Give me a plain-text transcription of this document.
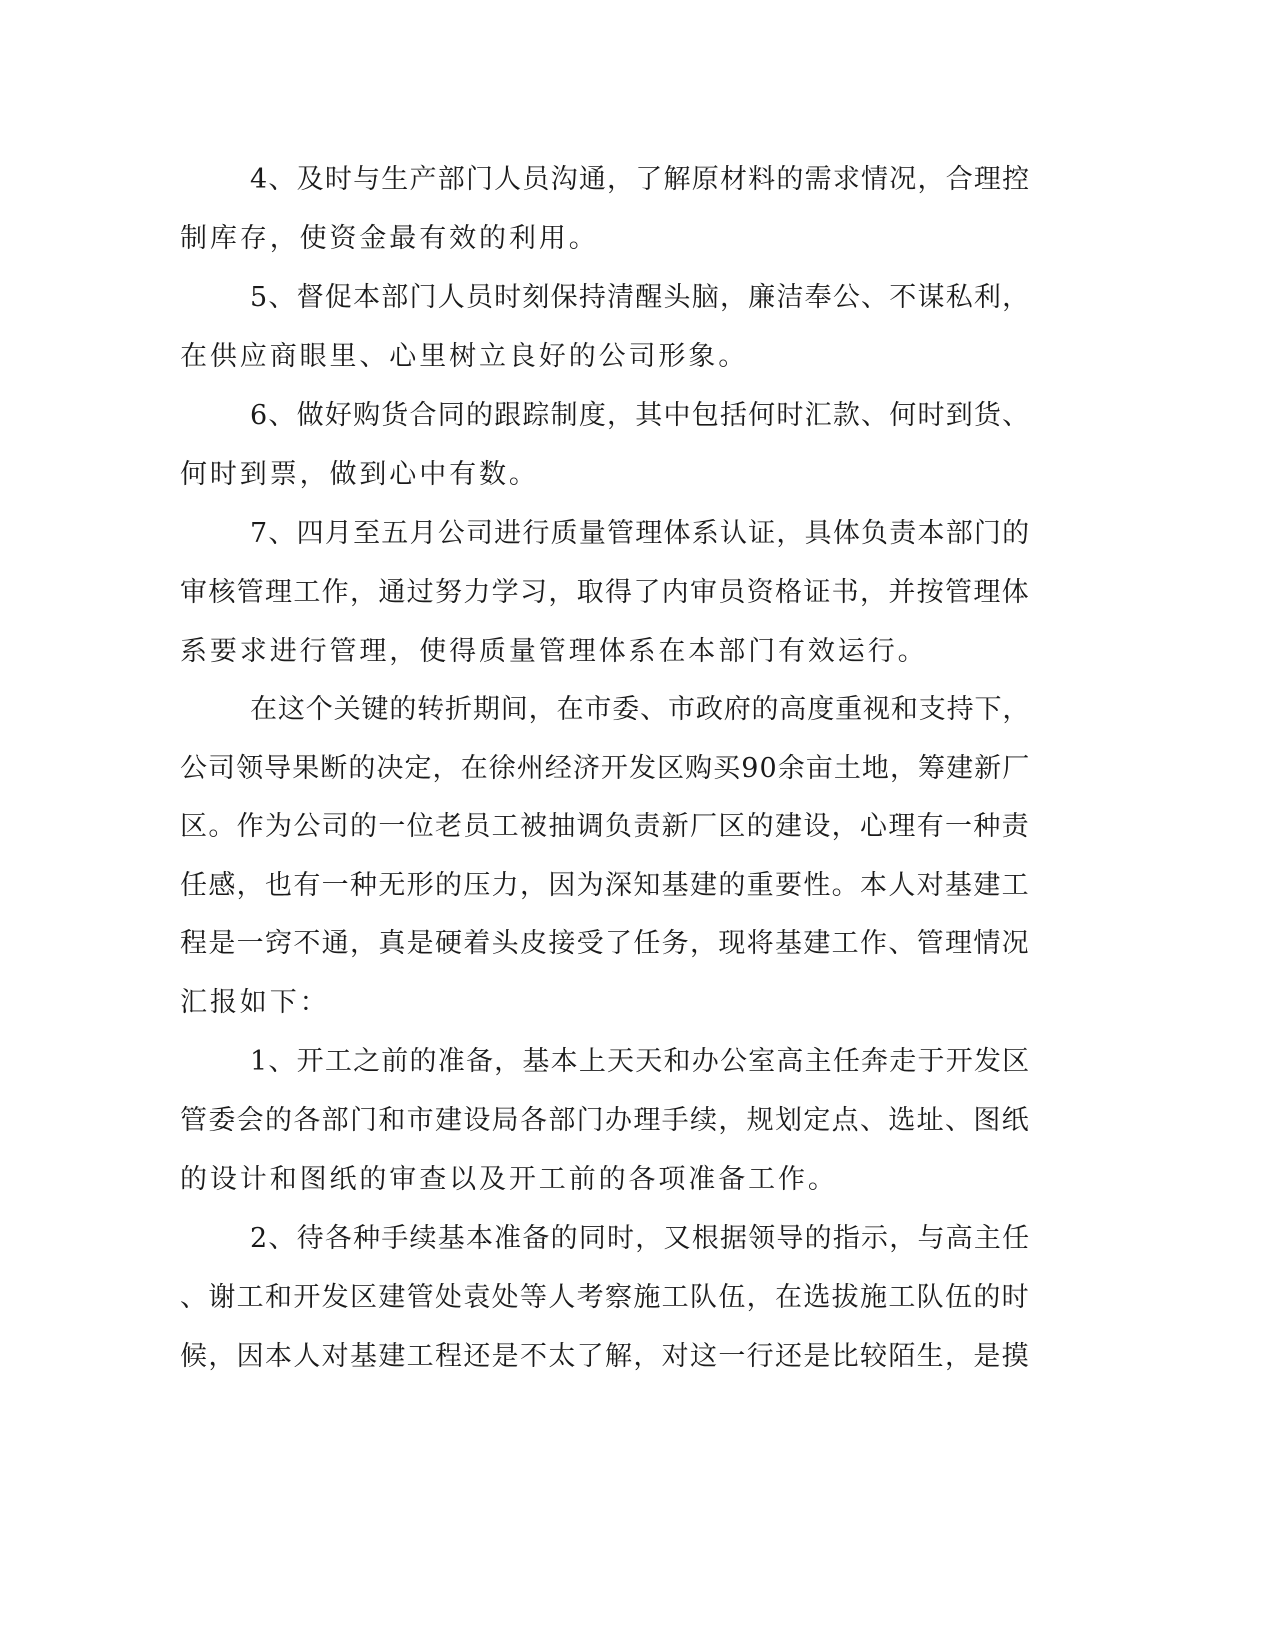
4、及时与生产部门人员沟通，了解原材料的需求情况，合理控
制库存，使资金最有效的利用。
5、督促本部门人员时刻保持清醒头脑，廉洁奉公、不谋私利，
在供应商眼里、心里树立良好的公司形象。
6、做好购货合同的跟踪制度，其中包括何时汇款、何时到货、
何时到票，做到心中有数。
7、四月至五月公司进行质量管理体系认证，具体负责本部门的
审核管理工作，通过努力学习，取得了内审员资格证书，并按管理体
系要求进行管理，使得质量管理体系在本部门有效运行。
在这个关键的转折期间，在市委、市政府的高度重视和支持下，
公司领导果断的决定，在徐州经济开发区购买90余亩土地，筹建新厂
区。作为公司的一位老员工被抽调负责新厂区的建设，心理有一种责
任感，也有一种无形的压力，因为深知基建的重要性。本人对基建工
程是一窍不通，真是硬着头皮接受了任务，现将基建工作、管理情况
汇报如下：
1、开工之前的准备，基本上天天和办公室高主任奔走于开发区
管委会的各部门和市建设局各部门办理手续，规划定点、选址、图纸
的设计和图纸的审查以及开工前的各项准备工作。
2、待各种手续基本准备的同时，又根据领导的指示，与高主任
、谢工和开发区建管处袁处等人考察施工队伍，在选拔施工队伍的时
候，因本人对基建工程还是不太了解，对这一行还是比较陌生，是摸
